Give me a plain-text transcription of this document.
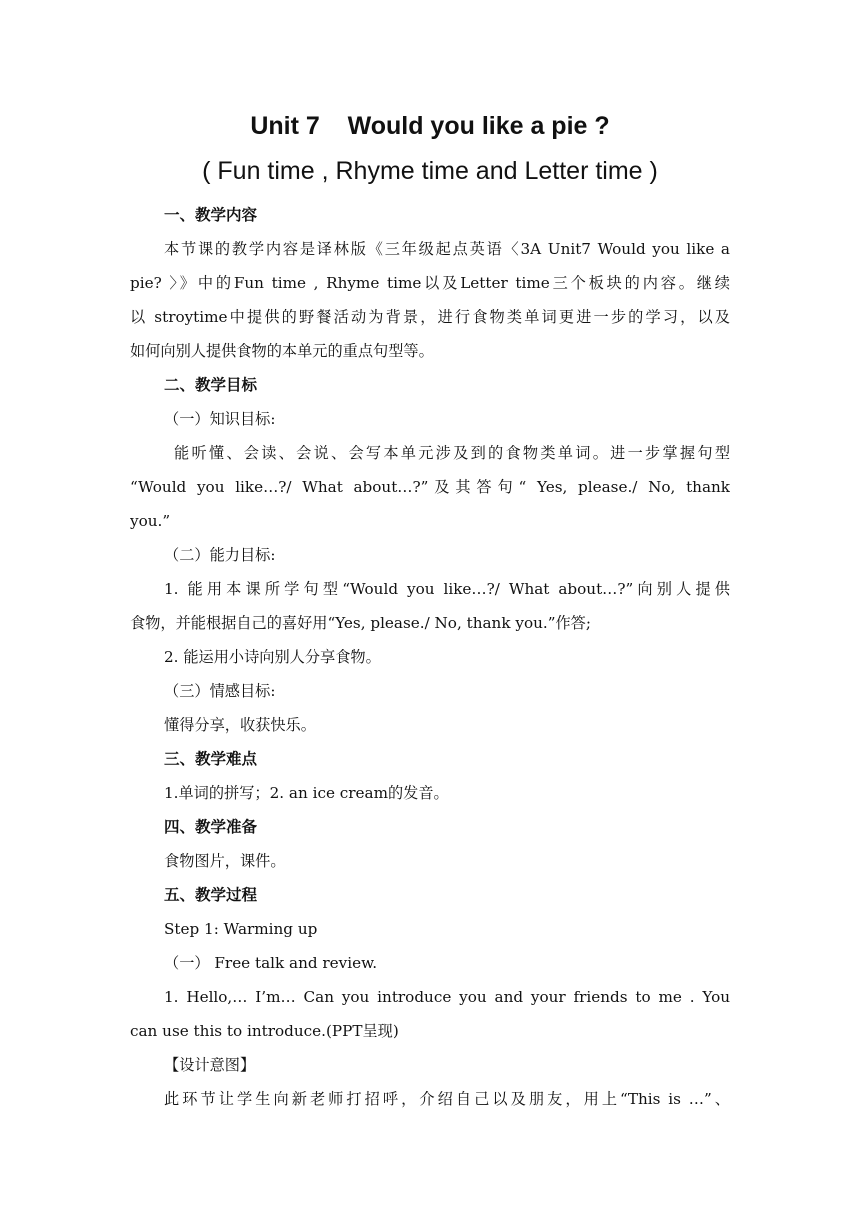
Unit 7    Would you like a pie ?
( Fun time , Rhyme time and Letter time )
一、教学内容
本节课的教学内容是译林版《三年级起点英语〈3A Unit7 Would you like a
pie? 〉》中的Fun time , Rhyme time以及Letter time三个板块的内容。继续
以 stroytime中提供的野餐活动为背景，进行食物类单词更进一步的学习，以及
如何向别人提供食物的本单元的重点句型等。
二、教学目标
（一）知识目标:
能听懂、会读、会说、会写本单元涉及到的食物类单词。进一步掌握句型
“Would you like…?/ What about…?”及其答句“ Yes, please./ No, thank
you.”
（二）能力目标:
1. 能用本课所学句型“Would you like…?/ What about…?”向别人提供
食物，并能根据自己的喜好用“Yes, please./ No, thank you.”作答;
2. 能运用小诗向别人分享食物。
（三）情感目标:
懂得分享，收获快乐。
三、教学难点
1.单词的拼写；2. an ice cream的发音。
四、教学准备
食物图片，课件。
五、教学过程
Step 1: Warming up
（一） Free talk and review.
1. Hello,… I’m… Can you introduce you and your friends to me . You
can use this to introduce.(PPT呈现)
【设计意图】
此环节让学生向新老师打招呼，介绍自己以及朋友，用上“This is …”、
